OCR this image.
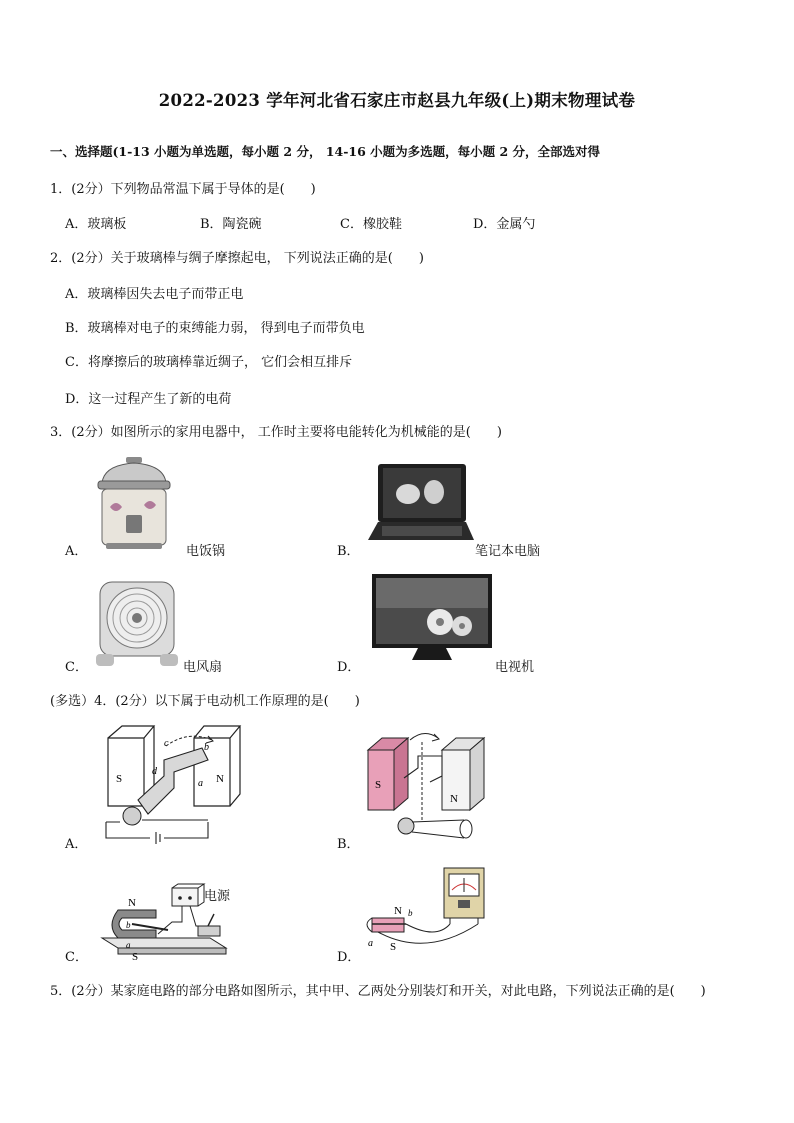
2022-2023 学年河北省石家庄市赵县九年级(上)期末物理试卷
一、选择题(1-13 小题为单选题，每小题 2 分， 14-16 小题为多选题，每小题 2 分，全部选对得
1．(2分）下列物品常温下属于导体的是(　　)
A．玻璃板	B．陶瓷碗	C．橡胶鞋	D．金属勺
2．(2分）关于玻璃棒与绸子摩擦起电， 下列说法正确的是(　　)
A．玻璃棒因失去电子而带正电
B．玻璃棒对电子的束缚能力弱， 得到电子而带负电
C．将摩擦后的玻璃棒靠近绸子， 它们会相互排斥
D．这一过程产生了新的电荷
3．(2分）如图所示的家用电器中， 工作时主要将电能转化为机械能的是(　　)
A．	电饭锅	B．	笔记本电脑
C．	电风扇	D．	电视机
(多选）4．(2分）以下属于电动机工作原理的是(　　)
S	N
c	b
d
a
A．
S
N
B．
N
S
a
b
电源
C．
N b
a S
D．
5．(2分）某家庭电路的部分电路如图所示，其中甲、乙两处分别装灯和开关，对此电路，下列说法正确的是(　　)
